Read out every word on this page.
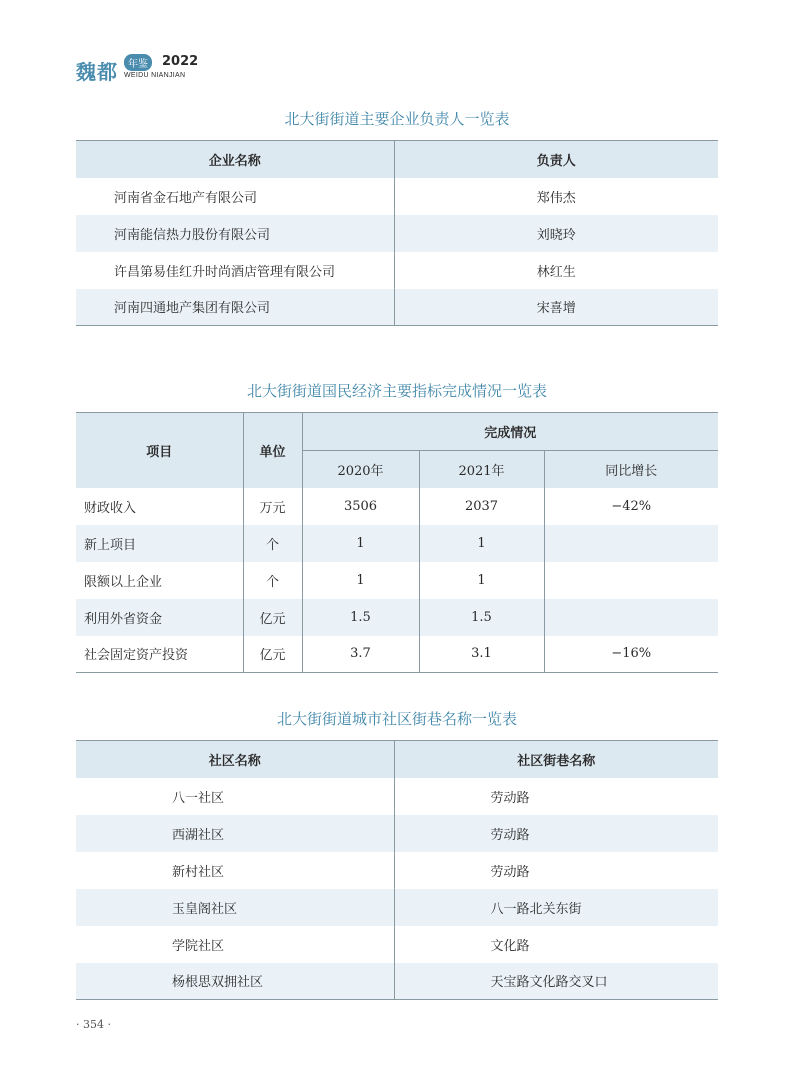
魏都	年鉴	2022
WEIDU NIANJIAN
北大街街道主要企业负责人一览表
企业名称	负责人
河南省金石地产有限公司	郑伟杰
河南能信热力股份有限公司	刘晓玲
许昌第易佳红升时尚酒店管理有限公司	林红生
河南四通地产集团有限公司	宋喜增
北大街街道国民经济主要指标完成情况一览表
项目	单位	完成情况		
		2020年	2021年	同比增长
财政收入	万元	3506	2037	−42%
新上项目	个	1	1	
限额以上企业	个	1	1	
利用外省资金	亿元	1.5	1.5	
社会固定资产投资	亿元	3.7	3.1	−16%
北大街街道城市社区街巷名称一览表
社区名称	社区街巷名称
八一社区	劳动路
西湖社区	劳动路
新村社区	劳动路
玉皇阁社区	八一路北关东街
学院社区	文化路
杨根思双拥社区	天宝路文化路交叉口
· 354 ·
